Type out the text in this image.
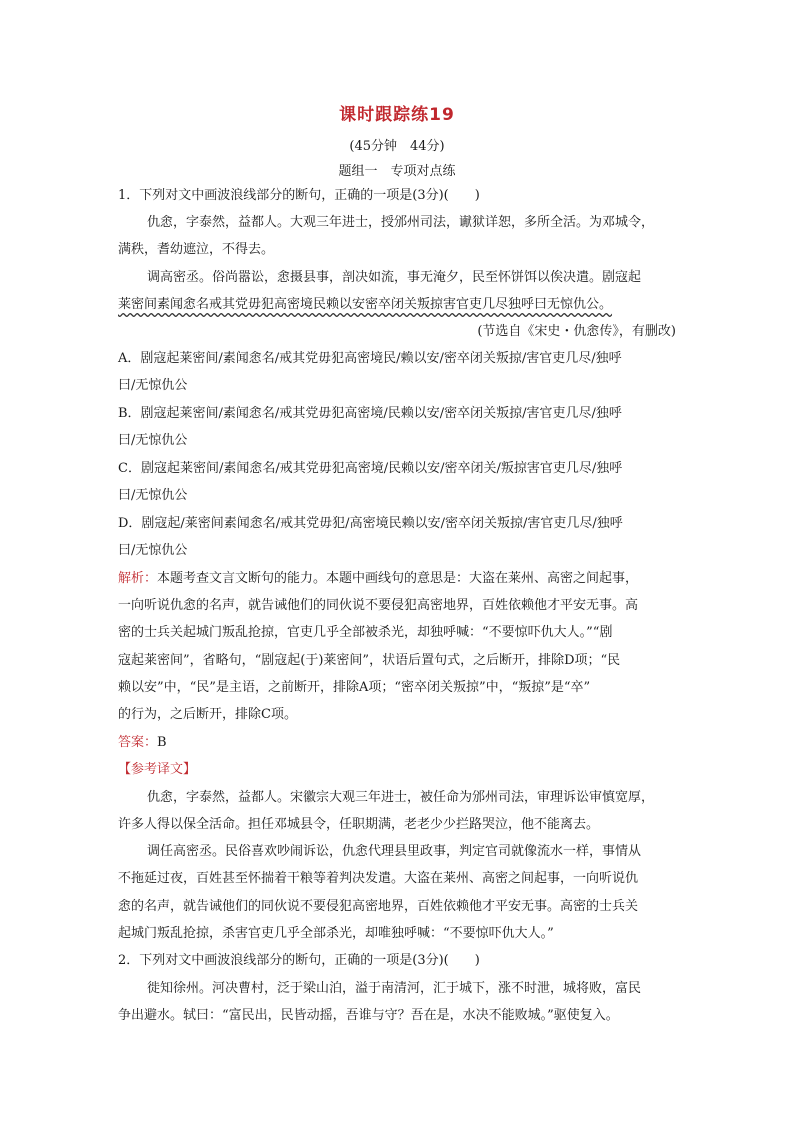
课时跟踪练19
(45分钟　44分)
题组一　专项对点练
1．下列对文中画波浪线部分的断句，正确的一项是(3分)(　　)
仇悆，字泰然，益都人。大观三年进士，授邠州司法，谳狱详恕，多所全活。为邓城令，
满秩，耆幼遮泣，不得去。
调高密丞。俗尚嚣讼，悆摄县事，剖决如流，事无淹夕，民至怀饼饵以俟决遣。剧寇起
莱密间素闻悆名戒其党毋犯高密境民赖以安密卒闭关叛掠害官吏几尽独呼曰无惊仇公。
(节选自《宋史・仇悆传》，有删改)
A．剧寇起莱密间/素闻悆名/戒其党毋犯高密境民/赖以安/密卒闭关叛掠/害官吏几尽/独呼
曰/无惊仇公
B．剧寇起莱密间/素闻悆名/戒其党毋犯高密境/民赖以安/密卒闭关叛掠/害官吏几尽/独呼
曰/无惊仇公
C．剧寇起莱密间/素闻悆名/戒其党毋犯高密境/民赖以安/密卒闭关/叛掠害官吏几尽/独呼
曰/无惊仇公
D．剧寇起/莱密间素闻悆名/戒其党毋犯/高密境民赖以安/密卒闭关叛掠/害官吏几尽/独呼
曰/无惊仇公
解析：本题考查文言文断句的能力。本题中画线句的意思是：大盗在莱州、高密之间起事，
一向听说仇悆的名声，就告诫他们的同伙说不要侵犯高密地界，百姓依赖他才平安无事。高
密的士兵关起城门叛乱抢掠，官吏几乎全部被杀光，却独呼喊：“不要惊吓仇大人。”“剧
寇起莱密间”，省略句，“剧寇起(于)莱密间”，状语后置句式，之后断开，排除D项；“民
赖以安”中，“民”是主语，之前断开，排除A项；“密卒闭关叛掠”中，“叛掠”是“卒”
的行为，之后断开，排除C项。
答案：B
【参考译文】
仇悆，字泰然，益都人。宋徽宗大观三年进士，被任命为邠州司法，审理诉讼审慎宽厚，
许多人得以保全活命。担任邓城县令，任职期满，老老少少拦路哭泣，他不能离去。
调任高密丞。民俗喜欢吵闹诉讼，仇悆代理县里政事，判定官司就像流水一样，事情从
不拖延过夜，百姓甚至怀揣着干粮等着判决发遣。大盗在莱州、高密之间起事，一向听说仇
悆的名声，就告诫他们的同伙说不要侵犯高密地界，百姓依赖他才平安无事。高密的士兵关
起城门叛乱抢掠，杀害官吏几乎全部杀光，却唯独呼喊：“不要惊吓仇大人。”
2．下列对文中画波浪线部分的断句，正确的一项是(3分)(　　)
徙知徐州。河决曹村，泛于梁山泊，溢于南清河，汇于城下，涨不时泄，城将败，富民
争出避水。轼曰：“富民出，民皆动摇，吾谁与守？吾在是，水决不能败城。”驱使复入。
